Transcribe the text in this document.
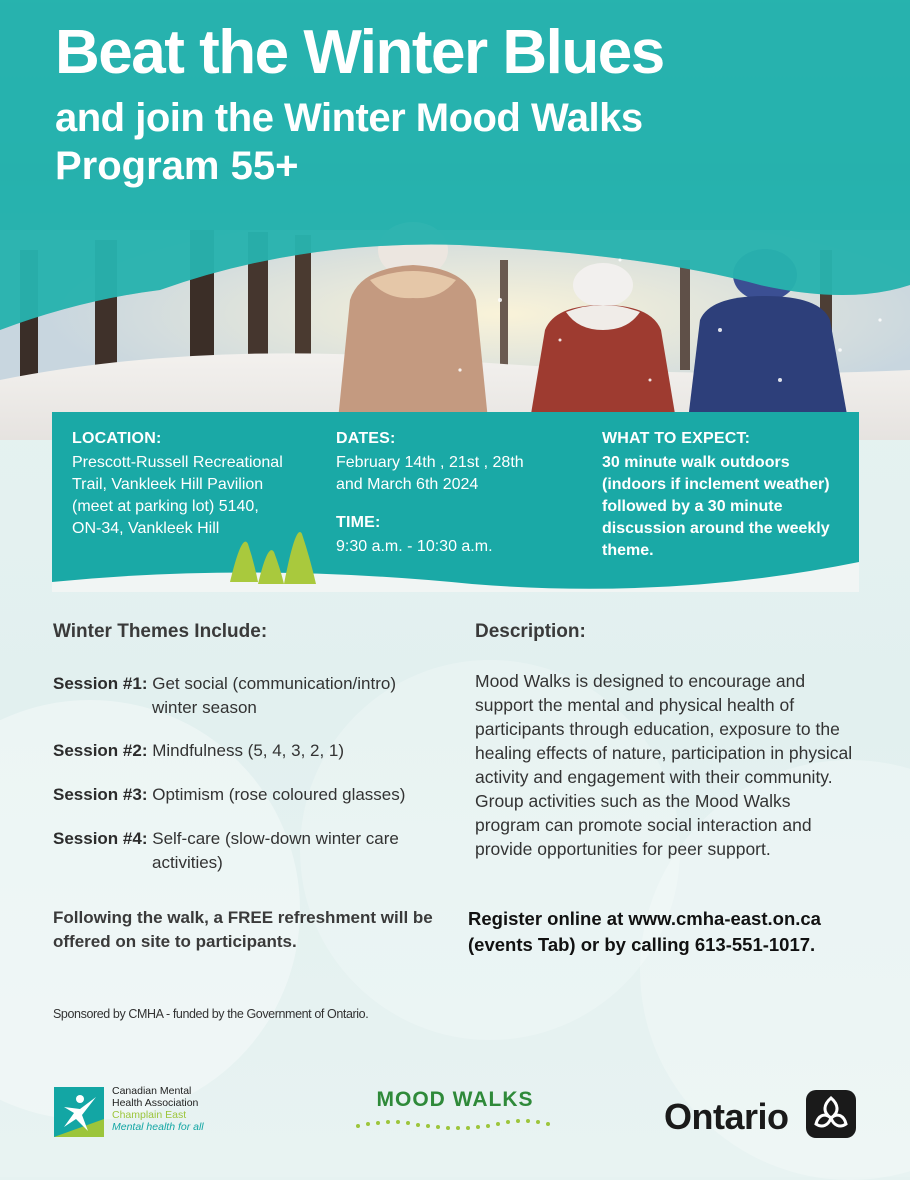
Beat the Winter Blues
and join the Winter Mood Walks
Program 55+
LOCATION:
Prescott-Russell Recreational
Trail, Vankleek Hill Pavilion
(meet at parking lot) 5140,
ON-34, Vankleek Hill
DATES:
February 14th , 21st , 28th
and March 6th 2024
TIME:
9:30 a.m. - 10:30 a.m.
WHAT TO EXPECT:
30 minute walk outdoors
(indoors if inclement weather)
followed by a 30 minute
discussion around the weekly
theme.
Winter Themes Include:
Session #1: Get social (communication/intro)
winter season
Session #2: Mindfulness (5, 4, 3, 2, 1)
Session #3: Optimism (rose coloured glasses)
Session #4: Self-care (slow-down winter care
activities)
Description:
Mood Walks is designed to encourage and support the mental and physical health of participants through education, exposure to the healing effects of nature, participation in physical activity and engagement with their community. Group activities such as the Mood Walks program can promote social interaction and provide opportunities for peer support.
Following the walk, a FREE refreshment will be offered on site to participants.
Register online at www.cmha-east.on.ca (events Tab) or by calling 613-551-1017.
Sponsored by CMHA - funded by the Government of Ontario.
Canadian Mental
Health Association
Champlain East
Mental health for all
MOOD WALKS	Ontario
